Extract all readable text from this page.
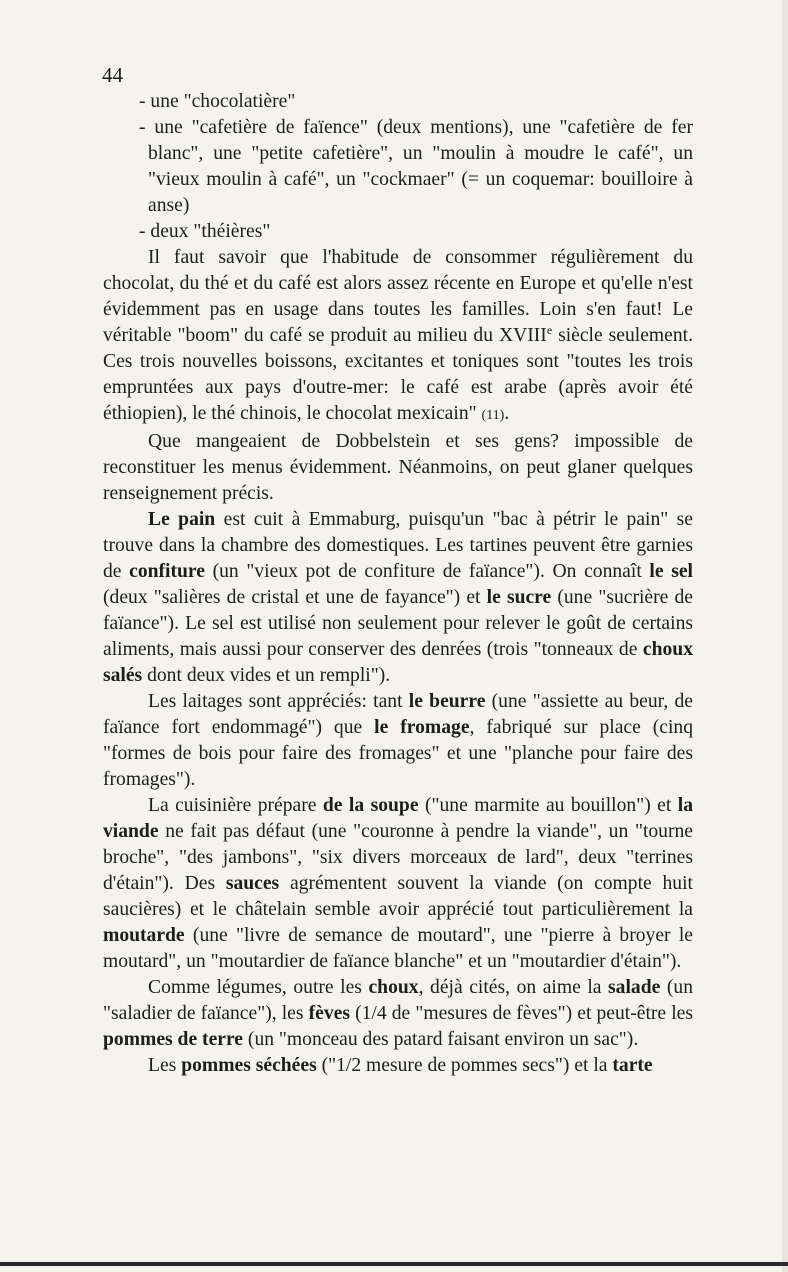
44
- une "chocolatière"
- une "cafetière de faïence" (deux mentions), une "cafetière de fer blanc", une "petite cafetière", un "moulin à moudre le café", un "vieux moulin à café", un "cockmaer" (= un coquemar: bouilloire à anse)
- deux "théières"

Il faut savoir que l'habitude de consommer régulièrement du chocolat, du thé et du café est alors assez récente en Europe et qu'elle n'est évidemment pas en usage dans toutes les familles. Loin s'en faut! Le véritable "boom" du café se produit au milieu du XVIIIe siècle seulement. Ces trois nouvelles boissons, excitantes et toniques sont "toutes les trois empruntées aux pays d'outre-mer: le café est arabe (après avoir été éthiopien), le thé chinois, le chocolat mexicain" (11).

Que mangeaient de Dobbelstein et ses gens? impossible de reconstituer les menus évidemment. Néanmoins, on peut glaner quelques renseignement précis.

Le pain est cuit à Emmaburg, puisqu'un "bac à pétrir le pain" se trouve dans la chambre des domestiques. Les tartines peuvent être garnies de confiture (un "vieux pot de confiture de faïance"). On connaît le sel (deux "salières de cristal et une de fayance") et le sucre (une "sucrière de faïance"). Le sel est utilisé non seulement pour relever le goût de certains aliments, mais aussi pour conserver des denrées (trois "tonneaux de choux salés dont deux vides et un rempli").

Les laitages sont appréciés: tant le beurre (une "assiette au beur, de faïance fort endommagé") que le fromage, fabriqué sur place (cinq "formes de bois pour faire des fromages" et une "planche pour faire des fromages").

La cuisinière prépare de la soupe ("une marmite au bouillon") et la viande ne fait pas défaut (une "couronne à pendre la viande", un "tourne broche", "des jambons", "six divers morceaux de lard", deux "terrines d'étain"). Des sauces agrémentent souvent la viande (on compte huit saucières) et le châtelain semble avoir apprécié tout particulièrement la moutarde (une "livre de semance de moutard", une "pierre à broyer le moutard", un "moutardier de faïance blanche" et un "moutardier d'étain").

Comme légumes, outre les choux, déjà cités, on aime la salade (un "saladier de faïance"), les fèves (1/4 de "mesures de fèves") et peut-être les pommes de terre (un "monceau des patard faisant environ un sac").

Les pommes séchées ("1/2 mesure de pommes secs") et la tarte
